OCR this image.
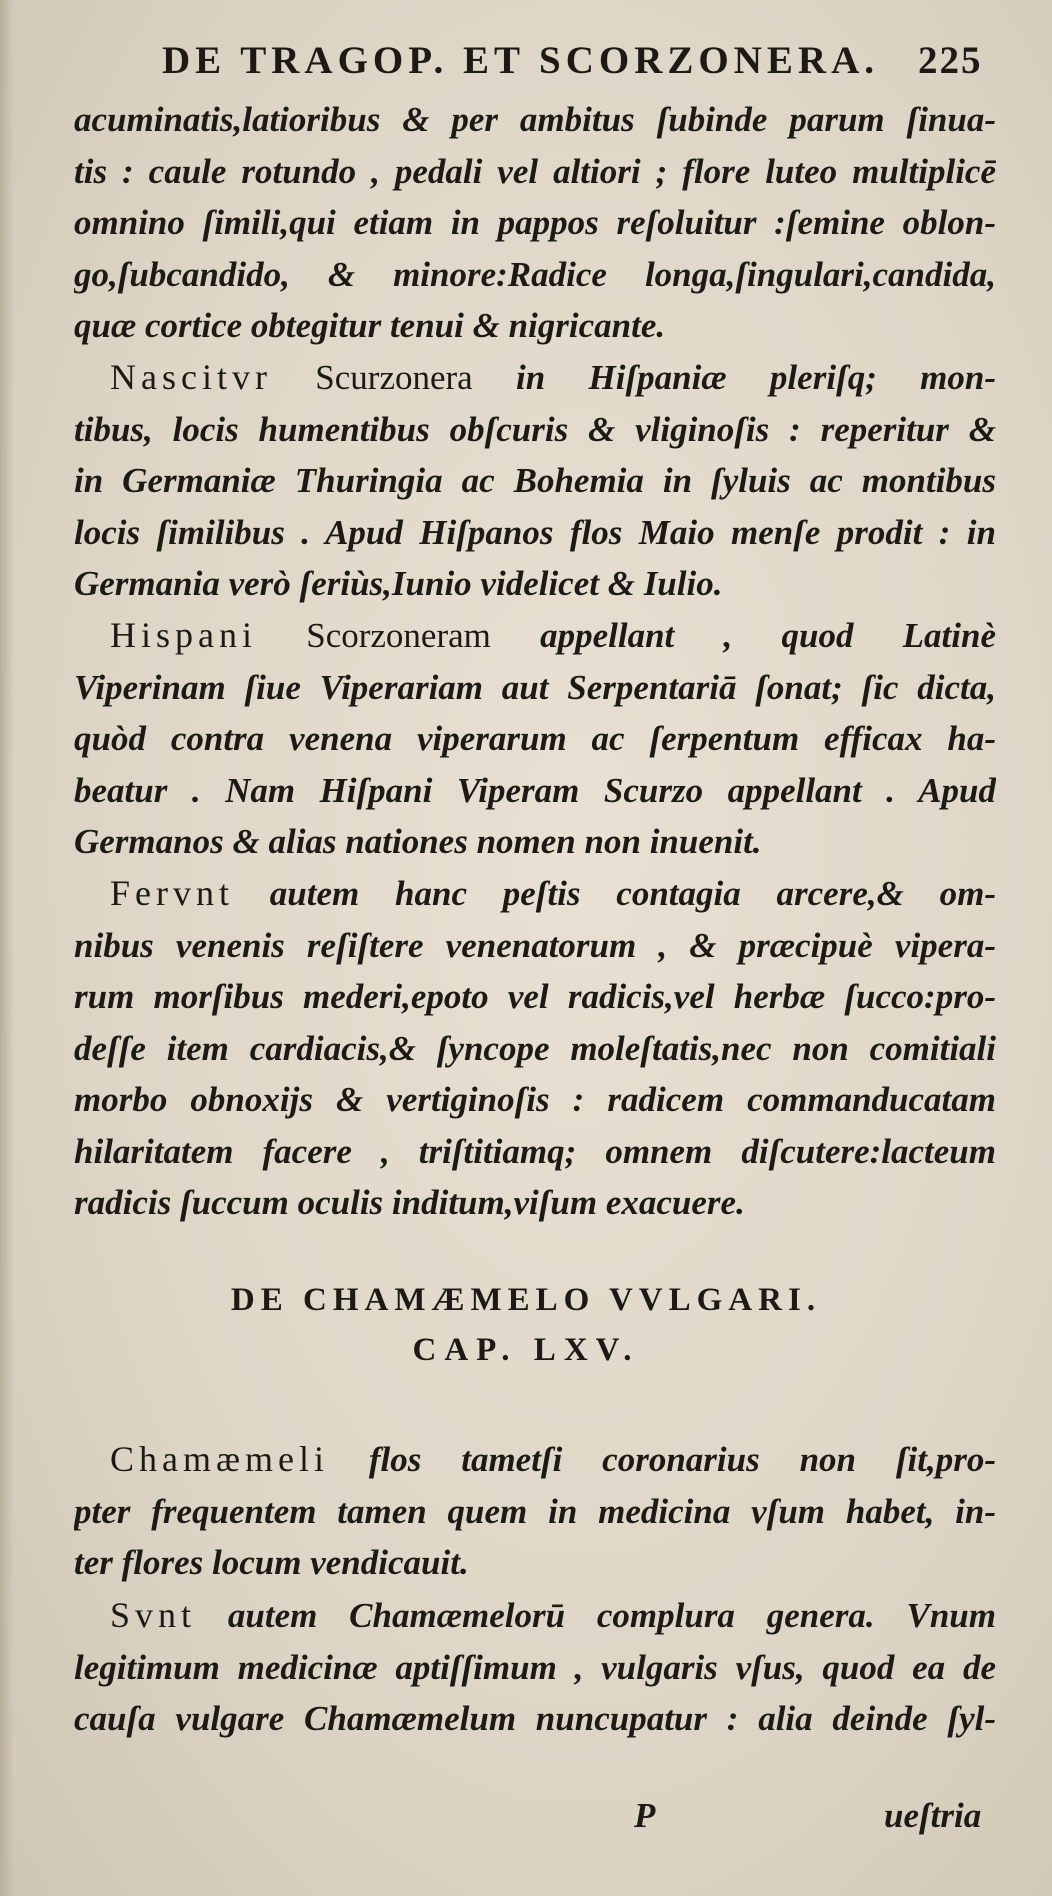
DE TRAGOP. ET SCORZONERA. 225
acuminatis,latioribus & per ambitus ſubinde parum ſinua-
tis : caule rotundo , pedali vel altiori ; flore luteo multiplicē
omnino ſimili,qui etiam in pappos reſoluitur :ſemine oblon-
go,ſubcandido, & minore:Radice longa,ſingulari,candida,
quæ cortice obtegitur tenui & nigricante.
Nascitvr Scurzonera in Hiſpaniæ pleriſq; mon-
tibus, locis humentibus obſcuris & vliginoſis : reperitur &
in Germaniæ Thuringia ac Bohemia in ſyluis ac montibus
locis ſimilibus . Apud Hiſpanos flos Maio menſe prodit : in
Germania verò ſeriùs,Iunio videlicet & Iulio.
Hispani Scorzoneram appellant , quod Latinè
Viperinam ſiue Viperariam aut Serpentariā ſonat; ſic dicta,
quòd contra venena viperarum ac ſerpentum efficax ha-
beatur . Nam Hiſpani Viperam Scurzo appellant . Apud
Germanos & alias nationes nomen non inuenit.
Fervnt autem hanc peſtis contagia arcere,& om-
nibus venenis reſiſtere venenatorum , & præcipuè vipera-
rum morſibus mederi,epoto vel radicis,vel herbæ ſucco:pro-
deſſe item cardiacis,& ſyncope moleſtatis,nec non comitiali
morbo obnoxijs & vertiginoſis : radicem commanducatam
hilaritatem facere , triſtitiamq; omnem diſcutere:lacteum
radicis ſuccum oculis inditum,viſum exacuere.
DE CHAMÆMELO VVLGARI.
CAP. LXV.
Chamæmeli flos tametſi coronarius non ſit,pro-
pter frequentem tamen quem in medicina vſum habet, in-
ter flores locum vendicauit.
Svnt autem Chamæmelorū complura genera. Vnum
legitimum medicinæ aptiſſimum , vulgaris vſus, quod ea de
cauſa vulgare Chamæmelum nuncupatur : alia deinde ſyl-
P	ueſtria
